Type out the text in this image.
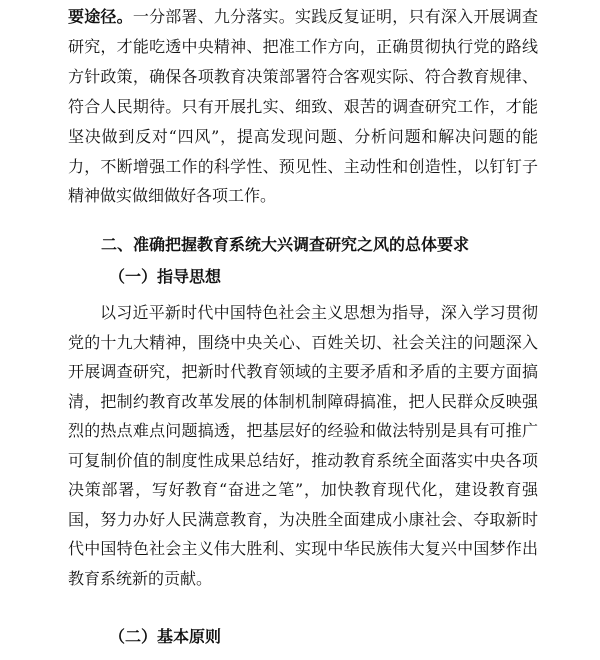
要途径。一分部署、九分落实。实践反复证明，只有深入开展调查研究，才能吃透中央精神、把准工作方向，正确贯彻执行党的路线方针政策，确保各项教育决策部署符合客观实际、符合教育规律、符合人民期待。只有开展扎实、细致、艰苦的调查研究工作，才能坚决做到反对“四风”，提高发现问题、分析问题和解决问题的能力，不断增强工作的科学性、预见性、主动性和创造性，以钉钉子精神做实做细做好各项工作。

二、准确把握教育系统大兴调查研究之风的总体要求
（一）指导思想

以习近平新时代中国特色社会主义思想为指导，深入学习贯彻党的十九大精神，围绕中央关心、百姓关切、社会关注的问题深入开展调查研究，把新时代教育领域的主要矛盾和矛盾的主要方面搞清，把制约教育改革发展的体制机制障碍搞准，把人民群众反映强烈的热点难点问题搞透，把基层好的经验和做法特别是具有可推广可复制价值的制度性成果总结好，推动教育系统全面落实中央各项决策部署，写好教育“奋进之笔”，加快教育现代化，建设教育强国，努力办好人民满意教育，为决胜全面建成小康社会、夺取新时代中国特色社会主义伟大胜利、实现中华民族伟大复兴中国梦作出教育系统新的贡献。

（二）基本原则
